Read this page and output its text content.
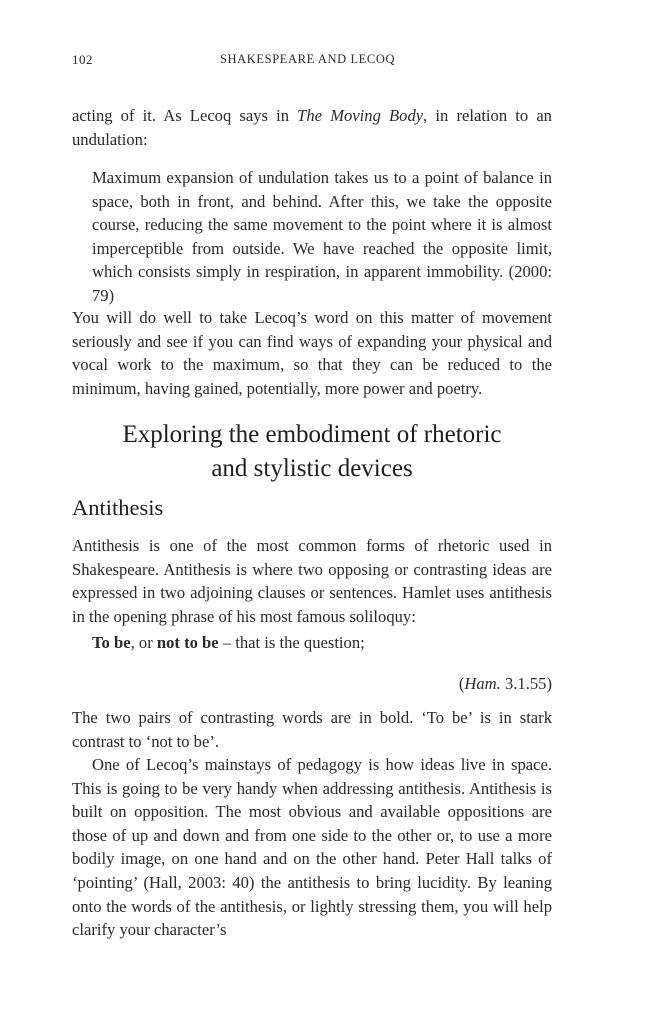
102	SHAKESPEARE AND LECOQ

acting of it. As Lecoq says in The Moving Body, in relation to an undulation:

Maximum expansion of undulation takes us to a point of balance in space, both in front, and behind. After this, we take the opposite course, reducing the same movement to the point where it is almost imperceptible from outside. We have reached the opposite limit, which consists simply in respiration, in apparent immobility. (2000: 79)

You will do well to take Lecoq’s word on this matter of movement seriously and see if you can find ways of expanding your physical and vocal work to the maximum, so that they can be reduced to the minimum, having gained, potentially, more power and poetry.

Exploring the embodiment of rhetoric
and stylistic devices
Antithesis

Antithesis is one of the most common forms of rhetoric used in Shakespeare. Antithesis is where two opposing or contrasting ideas are expressed in two adjoining clauses or sentences. Hamlet uses antithesis in the opening phrase of his most famous soliloquy:

To be, or not to be – that is the question;
(Ham. 3.1.55)

The two pairs of contrasting words are in bold. ‘To be’ is in stark contrast to ‘not to be’.

One of Lecoq’s mainstays of pedagogy is how ideas live in space. This is going to be very handy when addressing antithesis. Antithesis is built on opposition. The most obvious and available oppositions are those of up and down and from one side to the other or, to use a more bodily image, on one hand and on the other hand. Peter Hall talks of ‘pointing’ (Hall, 2003: 40) the antithesis to bring lucidity. By leaning onto the words of the antithesis, or lightly stressing them, you will help clarify your character’s
